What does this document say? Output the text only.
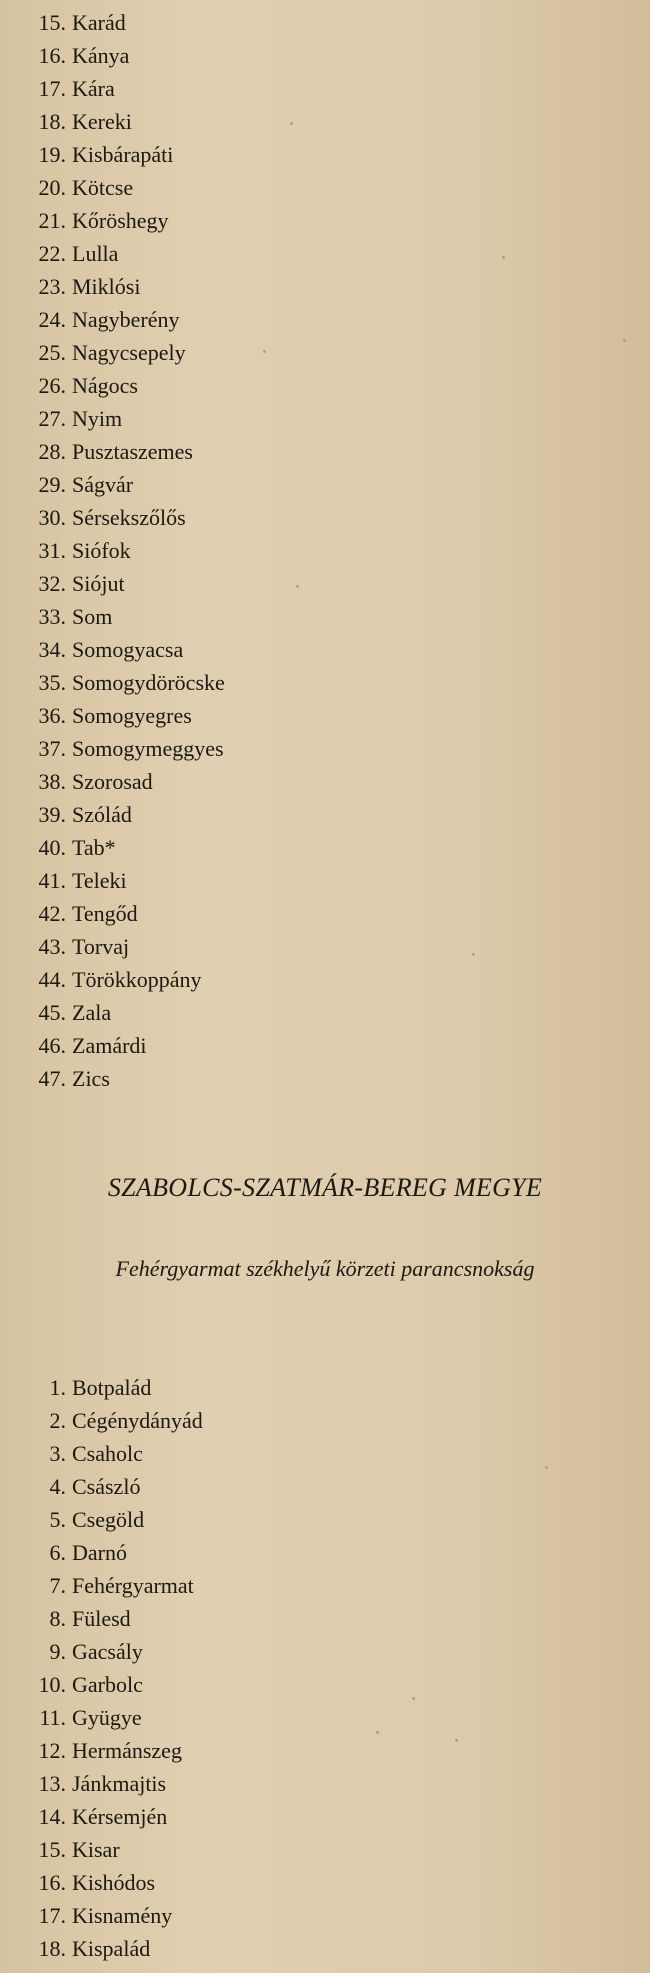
15. Karád
16. Kánya
17. Kára
18. Kereki
19. Kisbárapáti
20. Kötcse
21. Kőröshegy
22. Lulla
23. Miklósi
24. Nagyberény
25. Nagycsepely
26. Nágocs
27. Nyim
28. Pusztaszemes
29. Ságvár
30. Sérsekszőlős
31. Siófok
32. Siójut
33. Som
34. Somogyacsa
35. Somogydöröcske
36. Somogyegres
37. Somogymeggyes
38. Szorosad
39. Szólád
40. Tab*
41. Teleki
42. Tengőd
43. Torvaj
44. Törökkoppány
45. Zala
46. Zamárdi
47. Zics
SZABOLCS-SZATMÁR-BEREG MEGYE
Fehérgyarmat székhelyű körzeti parancsnokság
1. Botpalád
2. Cégénydányád
3. Csaholc
4. Császló
5. Csegöld
6. Darnó
7. Fehérgyarmat
8. Fülesd
9. Gacsály
10. Garbolc
11. Gyügye
12. Hermánszeg
13. Jánkmajtis
14. Kérsemjén
15. Kisar
16. Kishódos
17. Kisnamény
18. Kispalád
